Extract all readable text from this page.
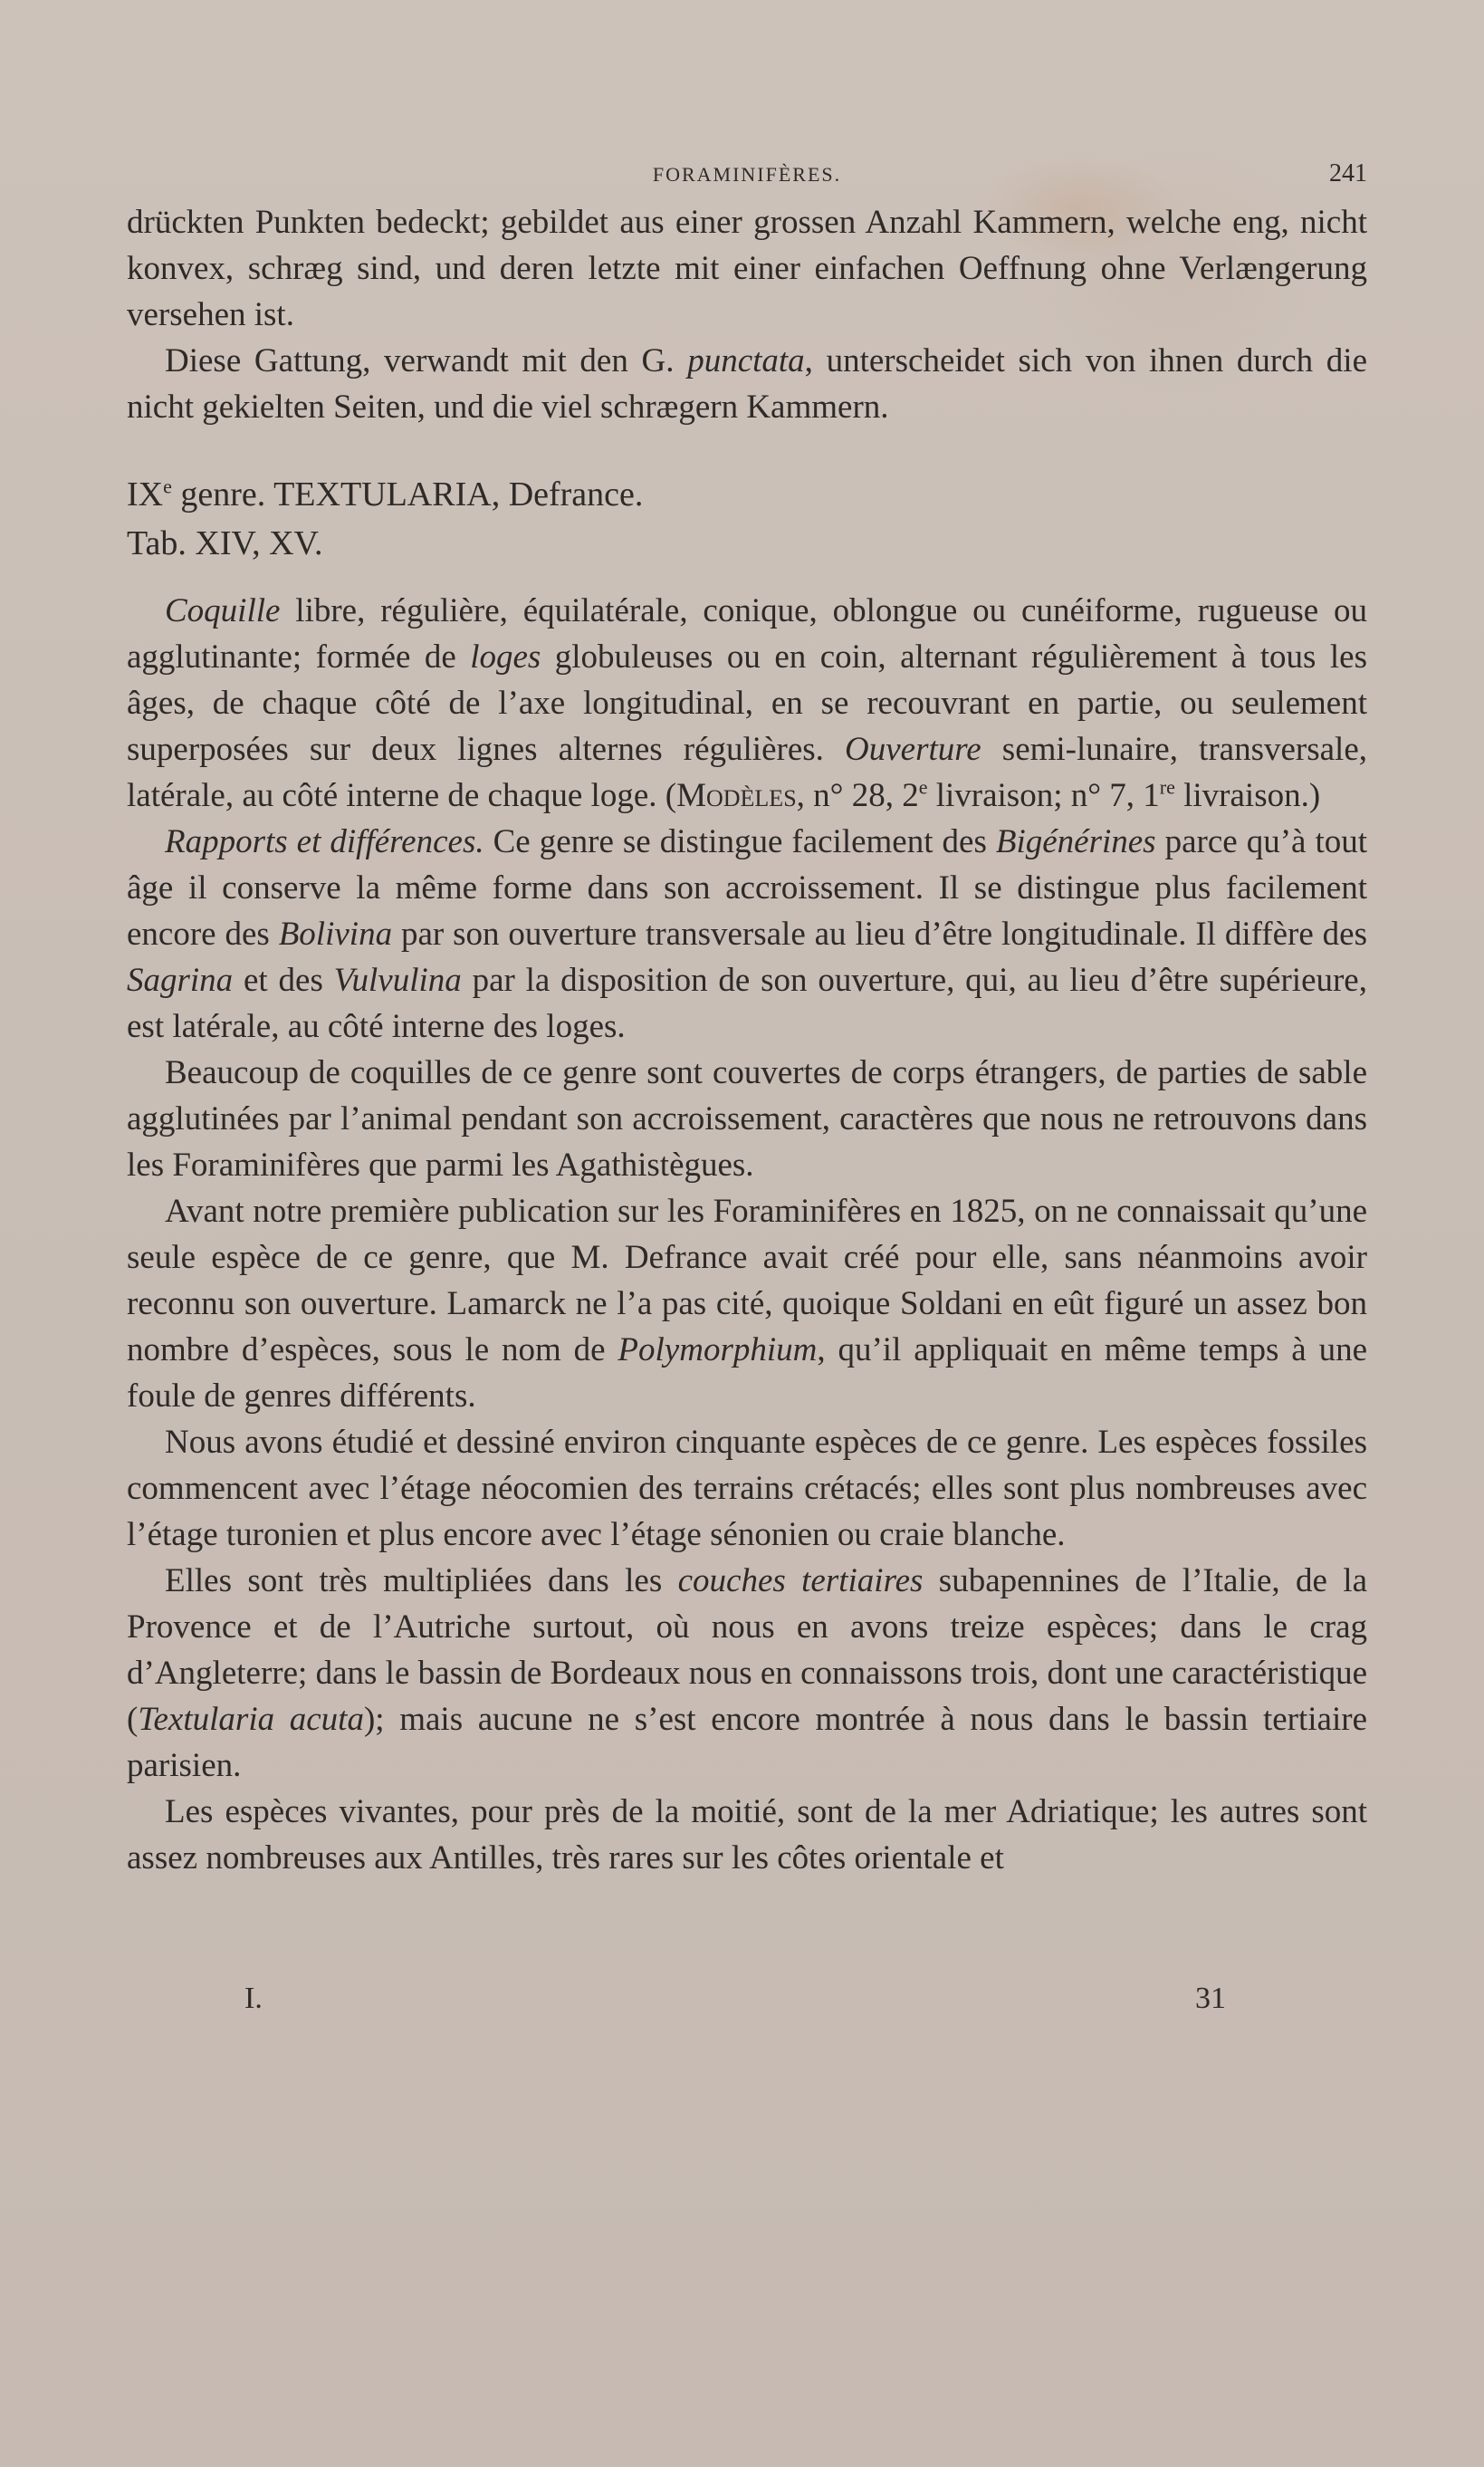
FORAMINIFÈRES.	241

drückten Punkten bedeckt; gebildet aus einer grossen Anzahl Kammern, welche eng, nicht konvex, schræg sind, und deren letzte mit einer einfachen Oeffnung ohne Verlængerung versehen ist.

Diese Gattung, verwandt mit den G. punctata, unterscheidet sich von ihnen durch die nicht gekielten Seiten, und die viel schrægern Kammern.

IXe genre. TEXTULARIA, Defrance.

Tab. XIV, XV.

Coquille libre, régulière, équilatérale, conique, oblongue ou cunéiforme, rugueuse ou agglutinante; formée de loges globuleuses ou en coin, alternant régulièrement à tous les âges, de chaque côté de l’axe longitudinal, en se recouvrant en partie, ou seulement superposées sur deux lignes alternes régulières. Ouverture semi-lunaire, transversale, latérale, au côté interne de chaque loge. (Modèles, n° 28, 2e livraison; n° 7, 1re livraison.)

Rapports et différences. Ce genre se distingue facilement des Bigénérines parce qu’à tout âge il conserve la même forme dans son accroissement. Il se distingue plus facilement encore des Bolivina par son ouverture transversale au lieu d’être longitudinale. Il diffère des Sagrina et des Vulvulina par la disposition de son ouverture, qui, au lieu d’être supérieure, est latérale, au côté interne des loges.

Beaucoup de coquilles de ce genre sont couvertes de corps étrangers, de parties de sable agglutinées par l’animal pendant son accroissement, caractères que nous ne retrouvons dans les Foraminifères que parmi les Agathistègues.

Avant notre première publication sur les Foraminifères en 1825, on ne connaissait qu’une seule espèce de ce genre, que M. Defrance avait créé pour elle, sans néanmoins avoir reconnu son ouverture. Lamarck ne l’a pas cité, quoique Soldani en eût figuré un assez bon nombre d’espèces, sous le nom de Polymorphium, qu’il appliquait en même temps à une foule de genres différents.

Nous avons étudié et dessiné environ cinquante espèces de ce genre. Les espèces fossiles commencent avec l’étage néocomien des terrains crétacés; elles sont plus nombreuses avec l’étage turonien et plus encore avec l’étage sénonien ou craie blanche.

Elles sont très multipliées dans les couches tertiaires subapennines de l’Italie, de la Provence et de l’Autriche surtout, où nous en avons treize espèces; dans le crag d’Angleterre; dans le bassin de Bordeaux nous en connaissons trois, dont une caractéristique (Textularia acuta); mais aucune ne s’est encore montrée à nous dans le bassin tertiaire parisien.

Les espèces vivantes, pour près de la moitié, sont de la mer Adriatique; les autres sont assez nombreuses aux Antilles, très rares sur les côtes orientale et

I.	31
